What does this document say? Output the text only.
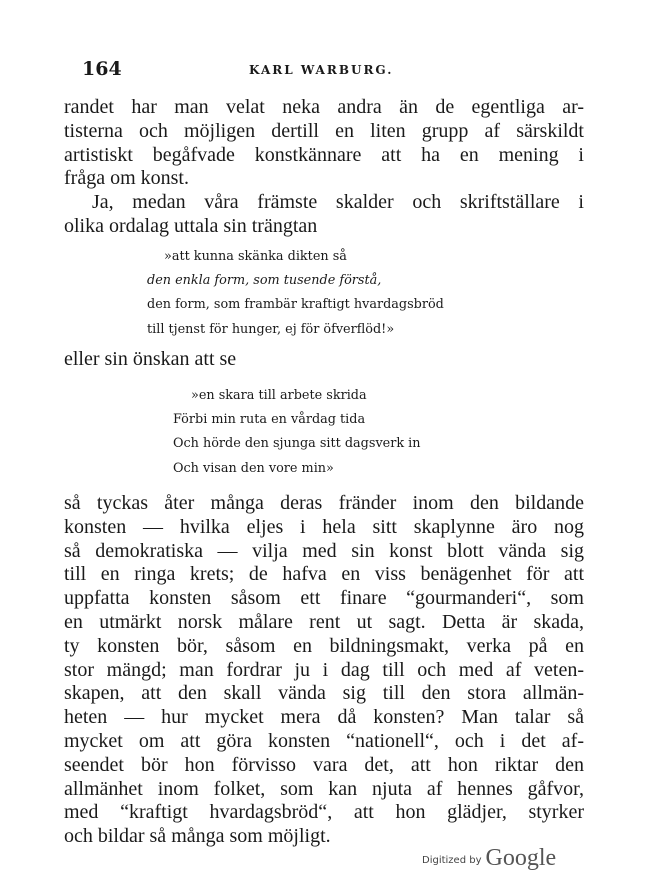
164	KARL WARBURG.

randet har man velat neka andra än de egentliga ar-
tisterna och möjligen dertill en liten grupp af särskildt
artistiskt begåfvade konstkännare att ha en mening i
fråga om konst.
Ja, medan våra främste skalder och skriftställare i
olika ordalag uttala sin trängtan

»att kunna skänka dikten så
den enkla form, som tusende förstå,
den form, som frambär kraftigt hvardagsbröd
till tjenst för hunger, ej för öfverflöd!»

eller sin önskan att se

»en skara till arbete skrida
Förbi min ruta en vårdag tida
Och hörde den sjunga sitt dagsverk in
Och visan den vore min»

så tyckas åter många deras fränder inom den bildande
konsten — hvilka eljes i hela sitt skaplynne äro nog
så demokratiska — vilja med sin konst blott vända sig
till en ringa krets; de hafva en viss benägenhet för att
uppfatta konsten såsom ett finare “gourmanderi“, som
en utmärkt norsk målare rent ut sagt. Detta är skada,
ty konsten bör, såsom en bildningsmakt, verka på en
stor mängd; man fordrar ju i dag till och med af veten-
skapen, att den skall vända sig till den stora allmän-
heten — hur mycket mera då konsten? Man talar så
mycket om att göra konsten “nationell“, och i det af-
seendet bör hon förvisso vara det, att hon riktar den
allmänhet inom folket, som kan njuta af hennes gåfvor,
med “kraftigt hvardagsbröd“, att hon glädjer, styrker
och bildar så många som möjligt.

Digitized by Google
